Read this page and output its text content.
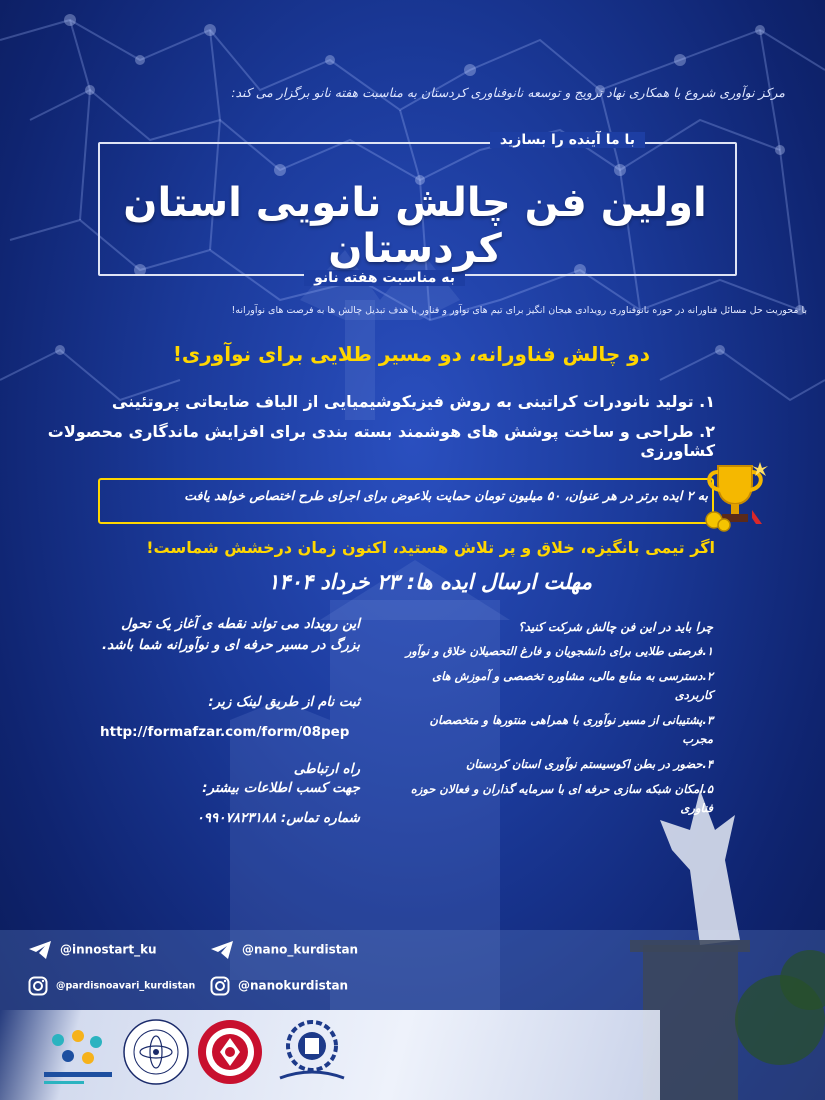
مرکز نوآوری شروع با همکاری نهاد ترویج و توسعه نانوفناوری کردستان به مناسبت هفته نانو برگزار می کند:
با ما آینده را بسازید
به مناسبت هفته نانو
اولین فن چالش نانویی استان کردستان
با محوریت حل مسائل فناورانه در حوزه نانوفناوری رویدادی هیجان انگیز برای تیم های نوآور و فناور با هدف تبدیل چالش ها به فرصت های نوآورانه!
دو چالش فناورانه، دو مسیر طلایی برای نوآوری!
۱. تولید نانودرات کراتینی به روش فیزیکوشیمیایی از الیاف ضایعاتی پروتئینی
۲. طراحی و ساخت پوشش های هوشمند بسته بندی برای افزایش ماندگاری محصولات کشاورزی
به ۲ ایده برتر در هر عنوان، ۵۰ میلیون تومان حمایت بلاعوض برای اجرای طرح اختصاص خواهد یافت
اگر تیمی بانگیزه، خلاق و پر تلاش هستید، اکنون زمان درخشش شماست!
مهلت ارسال ایده ها: ۲۳ خرداد ۱۴۰۴
این رویداد می تواند نقطه ی آغاز یک تحول بزرگ در مسیر حرفه ای و نوآورانه شما باشد.
ثبت نام از طریق لینک زیر:
http://formafzar.com/form/08pep
راه ارتباطی
جهت کسب اطلاعات بیشتر:
شماره تماس: ۰۹۹۰۷۸۲۳۱۸۸
چرا باید در این فن چالش شرکت کنید؟
۱.فرصتی طلایی برای دانشجویان و فارغ التحصیلان خلاق و نوآور
۲.دسترسی به منابع مالی، مشاوره تخصصی و آموزش های کاربردی
۳.پشتیبانی از مسیر نوآوری با همراهی منتورها و متخصصان مجرب
۴.حضور در بطن اکوسیستم نوآوری استان کردستان
۵.امکان شبکه سازی حرفه ای با سرمایه گذاران و فعالان حوزه فناوری
@innostart_ku	@nano_kurdistan
@pardisnoavari_kurdistan	@nanokurdistan
